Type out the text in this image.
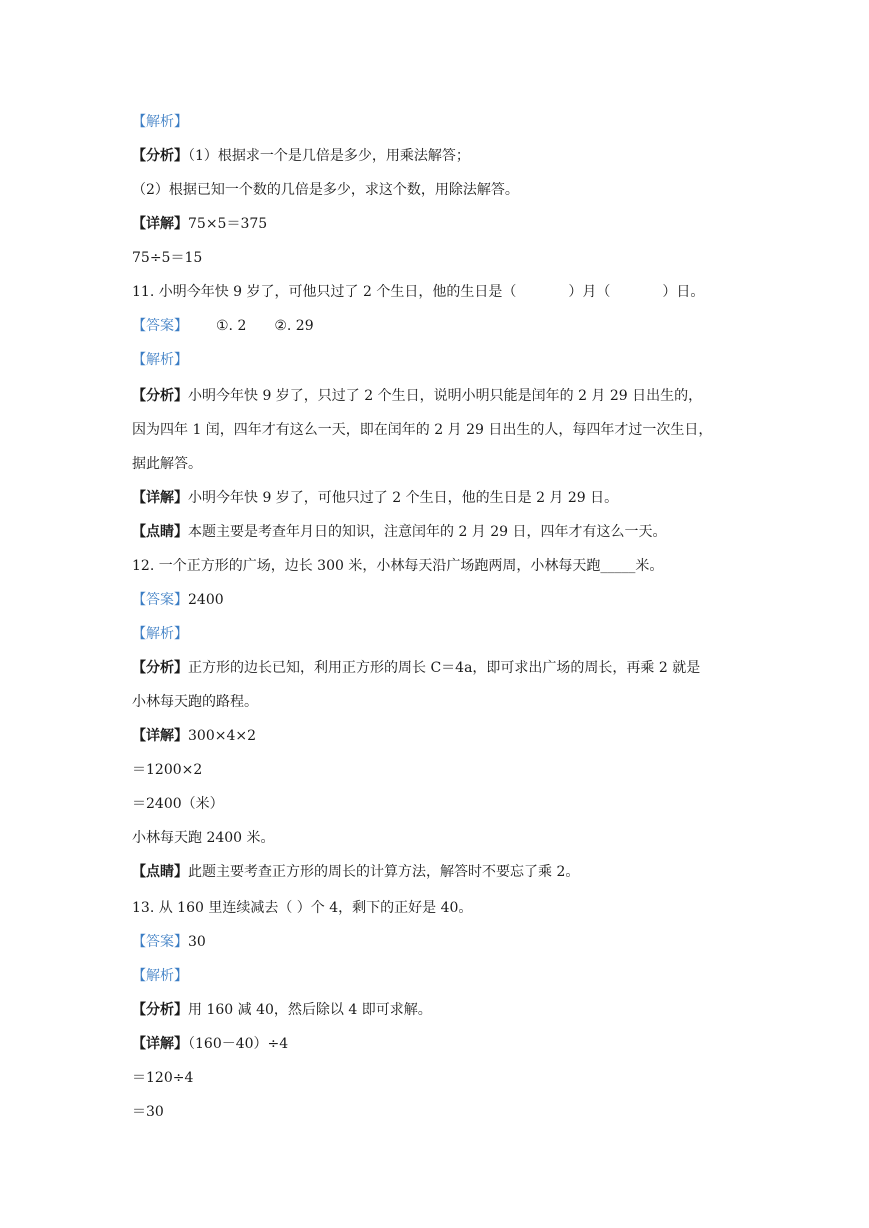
【解析】
【分析】（1）根据求一个是几倍是多少，用乘法解答；
（2）根据已知一个数的几倍是多少，求这个数，用除法解答。
【详解】75×5＝375
75÷5＝15
11. 小明今年快 9 岁了，可他只过了 2 个生日，他的生日是（	）月（	）日。
【答案】 ①. 2 ②. 29
【解析】
【分析】小明今年快 9 岁了，只过了 2 个生日，说明小明只能是闰年的 2 月 29 日出生的，
因为四年 1 闰，四年才有这么一天，即在闰年的 2 月 29 日出生的人，每四年才过一次生日，
据此解答。
【详解】小明今年快 9 岁了，可他只过了 2 个生日，他的生日是 2 月 29 日。
【点睛】本题主要是考查年月日的知识，注意闰年的 2 月 29 日，四年才有这么一天。
12. 一个正方形的广场，边长 300 米，小林每天沿广场跑两周，小林每天跑_____米。
【答案】2400
【解析】
【分析】正方形的边长已知，利用正方形的周长 C＝4a，即可求出广场的周长，再乘 2 就是
小林每天跑的路程。
【详解】300×4×2
＝1200×2
＝2400（米）
小林每天跑 2400 米。
【点睛】此题主要考查正方形的周长的计算方法，解答时不要忘了乘 2。
13. 从 160 里连续减去（ ）个 4，剩下的正好是 40。
【答案】30
【解析】
【分析】用 160 减 40，然后除以 4 即可求解。
【详解】（160－40）÷4
＝120÷4
＝30
